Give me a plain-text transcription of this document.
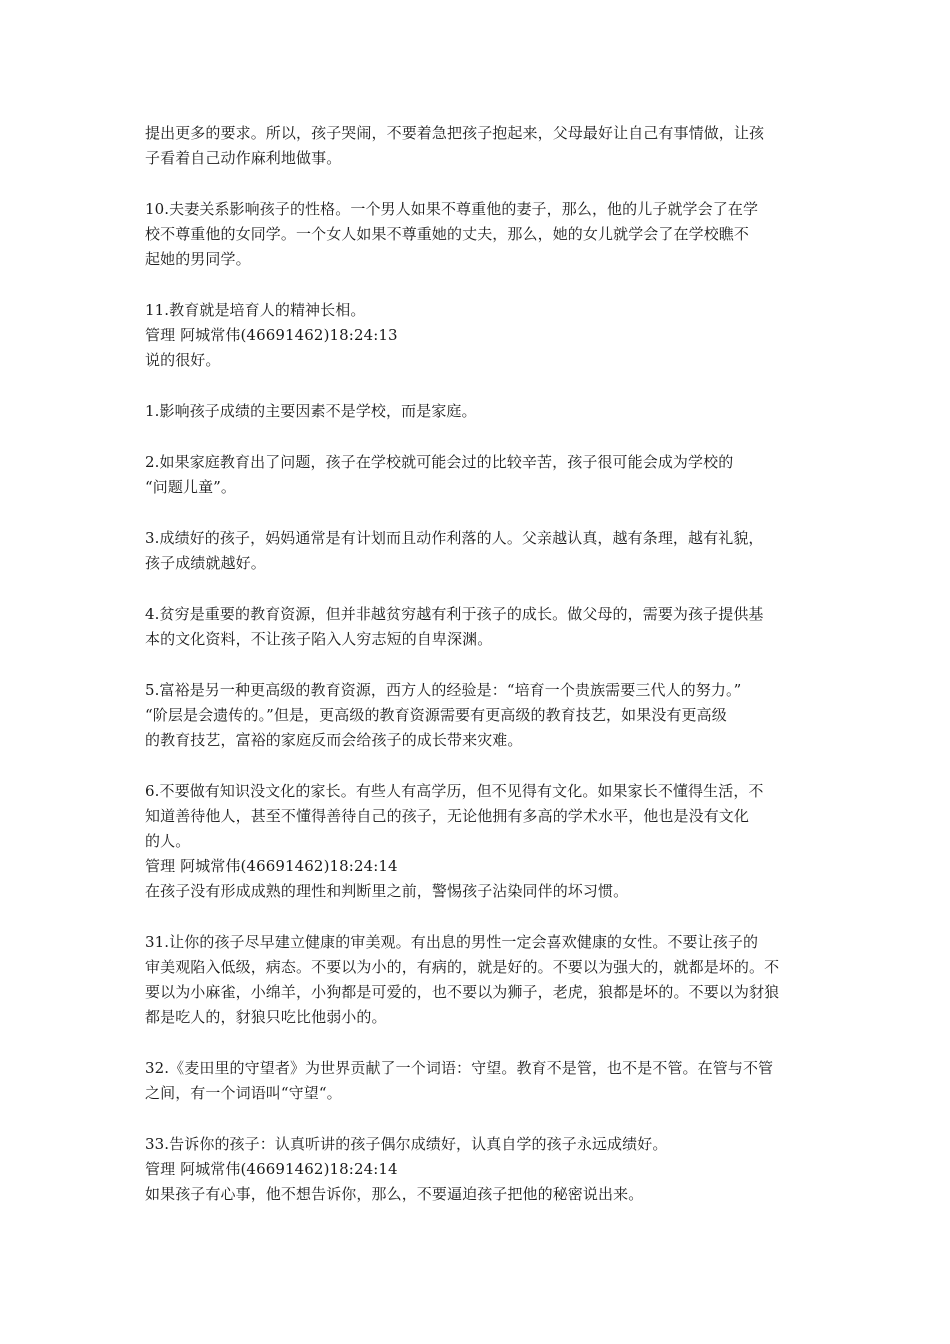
提出更多的要求。所以，孩子哭闹，不要着急把孩子抱起来，父母最好让自己有事情做，让孩
子看着自己动作麻利地做事。
10.夫妻关系影响孩子的性格。一个男人如果不尊重他的妻子，那么，他的儿子就学会了在学
校不尊重他的女同学。一个女人如果不尊重她的丈夫，那么，她的女儿就学会了在学校瞧不
起她的男同学。
11.教育就是培育人的精神长相。
管理 阿城常伟(46691462)18:24:13
说的很好。
1.影响孩子成绩的主要因素不是学校，而是家庭。
2.如果家庭教育出了问题，孩子在学校就可能会过的比较辛苦，孩子很可能会成为学校的
“问题儿童”。
3.成绩好的孩子，妈妈通常是有计划而且动作利落的人。父亲越认真，越有条理，越有礼貌，
孩子成绩就越好。
4.贫穷是重要的教育资源，但并非越贫穷越有利于孩子的成长。做父母的，需要为孩子提供基
本的文化资料，不让孩子陷入人穷志短的自卑深渊。
5.富裕是另一种更高级的教育资源，西方人的经验是：“培育一个贵族需要三代人的努力。”
“阶层是会遗传的。”但是，更高级的教育资源需要有更高级的教育技艺，如果没有更高级
的教育技艺，富裕的家庭反而会给孩子的成长带来灾难。
6.不要做有知识没文化的家长。有些人有高学历，但不见得有文化。如果家长不懂得生活，不
知道善待他人，甚至不懂得善待自己的孩子，无论他拥有多高的学术水平，他也是没有文化
的人。
管理 阿城常伟(46691462)18:24:14
在孩子没有形成成熟的理性和判断里之前，警惕孩子沾染同伴的坏习惯。
31.让你的孩子尽早建立健康的审美观。有出息的男性一定会喜欢健康的女性。不要让孩子的
审美观陷入低级，病态。不要以为小的，有病的，就是好的。不要以为强大的，就都是坏的。不
要以为小麻雀，小绵羊，小狗都是可爱的，也不要以为狮子，老虎，狼都是坏的。不要以为豺狼
都是吃人的，豺狼只吃比他弱小的。
32.《麦田里的守望者》为世界贡献了一个词语：守望。教育不是管，也不是不管。在管与不管
之间，有一个词语叫“守望“。
33.告诉你的孩子：认真听讲的孩子偶尔成绩好，认真自学的孩子永远成绩好。
管理 阿城常伟(46691462)18:24:14
如果孩子有心事，他不想告诉你，那么，不要逼迫孩子把他的秘密说出来。
